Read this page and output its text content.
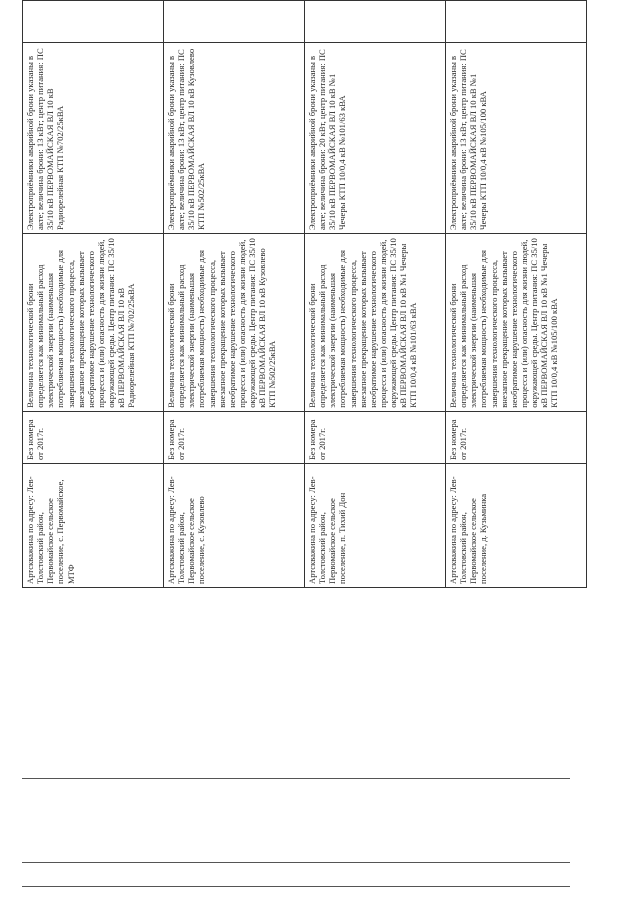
Артскважина по адресу: Лев-Толстовский район, Первомайское сельское поселение, с. Первомайское, МТФ	Без номера от 2017г.	Величина технологической брони определяется как минимальный расход электрической энергии (наименьшая потребляемая мощность) необходимые для завершения технологического процесса, внезапное прекращение которых вызывает необратимое нарушение технологического процесса и (или) опасность для жизни людей, окружающей среды. Центр питания: ПС 35/10 кВ ПЕРВОМАЙСКАЯ ВЛ 10 кВ Радиорелейная КТП №702/25кВА	Электроприёмники аварийной брони указаны в акте; величина брони: 13 кВт; центр питания: ПС 35/10 кВ ПЕРВОМАЙСКАЯ ВЛ 10 кВ Радиорелейная КТП №702/25кВА	
Артскважина по адресу: Лев-Толстовский район, Первомайское сельское поселение, с. Кузовлево	Без номера от 2017г.	Величина технологической брони определяется как минимальный расход электрической энергии (наименьшая потребляемая мощность) необходимые для завершения технологического процесса, внезапное прекращение которых вызывает необратимое нарушение технологического процесса и (или) опасность для жизни людей, окружающей среды. Центр питания: ПС 35/10 кВ ПЕРВОМАЙСКАЯ ВЛ 10 кВ Кузовлево КТП №502/25кВА	Электроприёмники аварийной брони указаны в акте; величина брони: 13 кВт, центр питания: ПС 35/10 кВ ПЕРВОМАЙСКАЯ ВЛ 10 кВ Кузовлево КТП №502/25кВА	
Артскважина по адресу: Лев-Толстовский район, Первомайское сельское поселение, п. Тихий Дон	Без номера от 2017г.	Величина технологической брони определяется как минимальный расход электрической энергии (наименьшая потребляемая мощность) необходимые для завершения технологического процесса, внезапное прекращение которых вызывает необратимое нарушение технологического процесса и (или) опасность для жизни людей, окружающей среды. Центр питания: ПС 35/10 кВ ПЕРВОМАЙСКАЯ ВЛ 10 кВ №1 Чечеры КТП 10/0,4 кВ №101/63 кВА	Электроприёмники аварийной брони указаны в акте; величина брони: 20 кВт, центр питания: ПС 35/10 кВ ПЕРВОМАЙСКАЯ ВЛ 10 кВ №1 Чечеры КТП 10/0,4 кВ №101/63 кВА	
Артскважина по адресу: Лев-Толстовский район, Первомайское сельское поселение, д. Кузьминка	Без номера от 2017г.	Величина технологической брони определяется как минимальный расход электрической энергии (наименьшая потребляемая мощность) необходимые для завершения технологического процесса, внезапное прекращение которых вызывает необратимое нарушение технологического процесса и (или) опасность для жизни людей, окружающей среды. Центр питания: ПС 35/10 кВ ПЕРВОМАЙСКАЯ ВЛ 10 кВ №1 Чечеры КТП 10/0,4 кВ №105/100 кВА	Электроприёмники аварийной брони указаны в акте; величина брони: 13 кВт, центр питания: ПС 35/10 кВ ПЕРВОМАЙСКАЯ ВЛ 10 кВ №1 Чечеры КТП 10/0,4 кВ №105/100 кВА	
